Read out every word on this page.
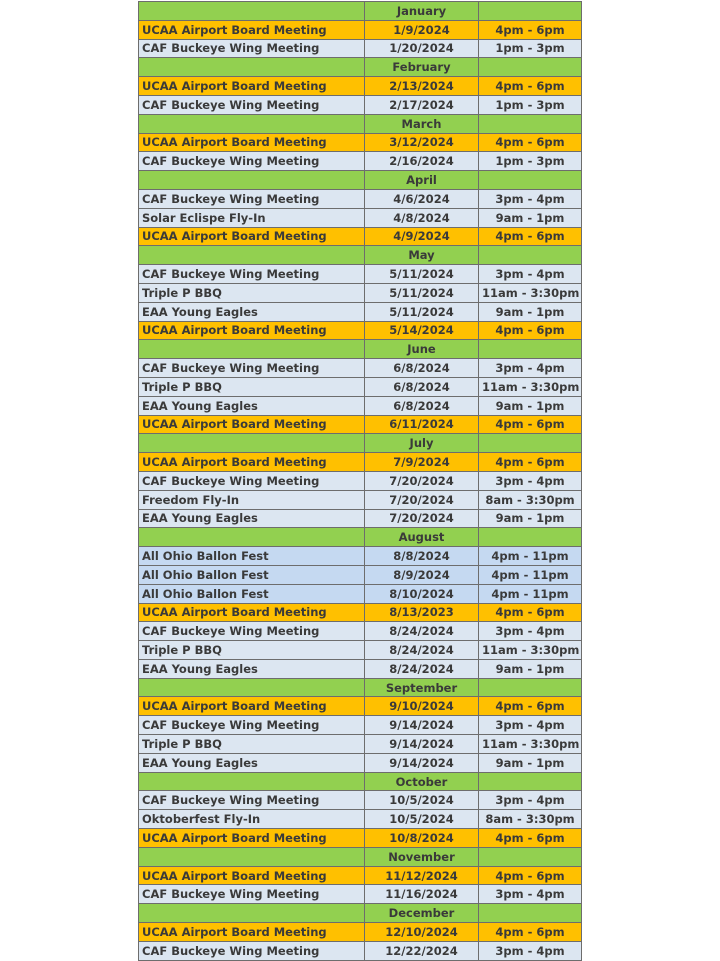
	January	
UCAA Airport Board Meeting	1/9/2024	4pm - 6pm
CAF Buckeye Wing Meeting	1/20/2024	1pm - 3pm
	February	
UCAA Airport Board Meeting	2/13/2024	4pm - 6pm
CAF Buckeye Wing Meeting	2/17/2024	1pm - 3pm
	March	
UCAA Airport Board Meeting	3/12/2024	4pm - 6pm
CAF Buckeye Wing Meeting	2/16/2024	1pm - 3pm
	April	
CAF Buckeye Wing Meeting	4/6/2024	3pm - 4pm
Solar Eclispe Fly-In	4/8/2024	9am - 1pm
UCAA Airport Board Meeting	4/9/2024	4pm - 6pm
	May	
CAF Buckeye Wing Meeting	5/11/2024	3pm - 4pm
Triple P BBQ	5/11/2024	11am - 3:30pm
EAA Young Eagles	5/11/2024	9am - 1pm
UCAA Airport Board Meeting	5/14/2024	4pm - 6pm
	June	
CAF Buckeye Wing Meeting	6/8/2024	3pm - 4pm
Triple P BBQ	6/8/2024	11am - 3:30pm
EAA Young Eagles	6/8/2024	9am - 1pm
UCAA Airport Board Meeting	6/11/2024	4pm - 6pm
	July	
UCAA Airport Board Meeting	7/9/2024	4pm - 6pm
CAF Buckeye Wing Meeting	7/20/2024	3pm - 4pm
Freedom Fly-In	7/20/2024	8am - 3:30pm
EAA Young Eagles	7/20/2024	9am - 1pm
	August	
All Ohio Ballon Fest	8/8/2024	4pm - 11pm
All Ohio Ballon Fest	8/9/2024	4pm - 11pm
All Ohio Ballon Fest	8/10/2024	4pm - 11pm
UCAA Airport Board Meeting	8/13/2023	4pm - 6pm
CAF Buckeye Wing Meeting	8/24/2024	3pm - 4pm
Triple P BBQ	8/24/2024	11am - 3:30pm
EAA Young Eagles	8/24/2024	9am - 1pm
	September	
UCAA Airport Board Meeting	9/10/2024	4pm - 6pm
CAF Buckeye Wing Meeting	9/14/2024	3pm - 4pm
Triple P BBQ	9/14/2024	11am - 3:30pm
EAA Young Eagles	9/14/2024	9am - 1pm
	October	
CAF Buckeye Wing Meeting	10/5/2024	3pm - 4pm
Oktoberfest Fly-In	10/5/2024	8am - 3:30pm
UCAA Airport Board Meeting	10/8/2024	4pm - 6pm
	November	
UCAA Airport Board Meeting	11/12/2024	4pm - 6pm
CAF Buckeye Wing Meeting	11/16/2024	3pm - 4pm
	December	
UCAA Airport Board Meeting	12/10/2024	4pm - 6pm
CAF Buckeye Wing Meeting	12/22/2024	3pm - 4pm
